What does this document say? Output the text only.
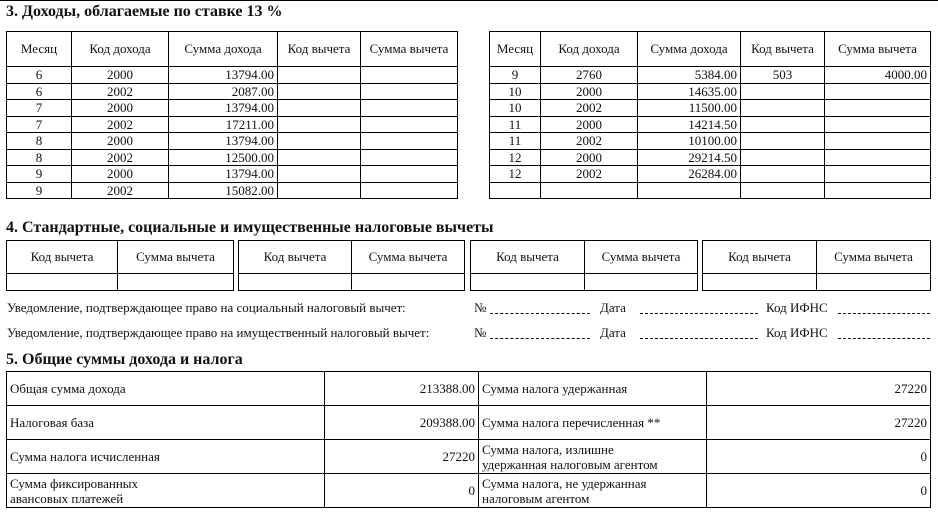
3. Доходы, облагаемые по ставке 13 %
Месяц	Код дохода	Сумма дохода	Код вычета	Сумма вычета
6	2000	13794.00		
6	2002	2087.00		
7	2000	13794.00		
7	2002	17211.00		
8	2000	13794.00		
8	2002	12500.00		
9	2000	13794.00		
9	2002	15082.00		
Месяц	Код дохода	Сумма дохода	Код вычета	Сумма вычета
9	2760	5384.00	503	4000.00
10	2000	14635.00		
10	2002	11500.00		
11	2000	14214.50		
11	2002	10100.00		
12	2000	29214.50		
12	2002	26284.00		

4. Стандартные, социальные и имущественные налоговые вычеты
Код вычета	Сумма вычета
		Код вычета	Сумма вычета
		Код вычета	Сумма вычета
		Код вычета	Сумма вычета

Уведомление, подтверждающее право на социальный налоговый вычет:	№	Дата	Код ИФНС
Уведомление, подтверждающее право на имущественный налоговый вычет:	№	Дата	Код ИФНС
5. Общие суммы дохода и налога
Общая сумма дохода	213388.00	Сумма налога удержанная	27220
Налоговая база	209388.00	Сумма налога перечисленная **	27220
Сумма налога исчисленная	27220	Сумма налога, излишне
удержанная налоговым агентом	0
Сумма фиксированных
авансовых платежей	0	Сумма налога, не удержанная
налоговым агентом	0
